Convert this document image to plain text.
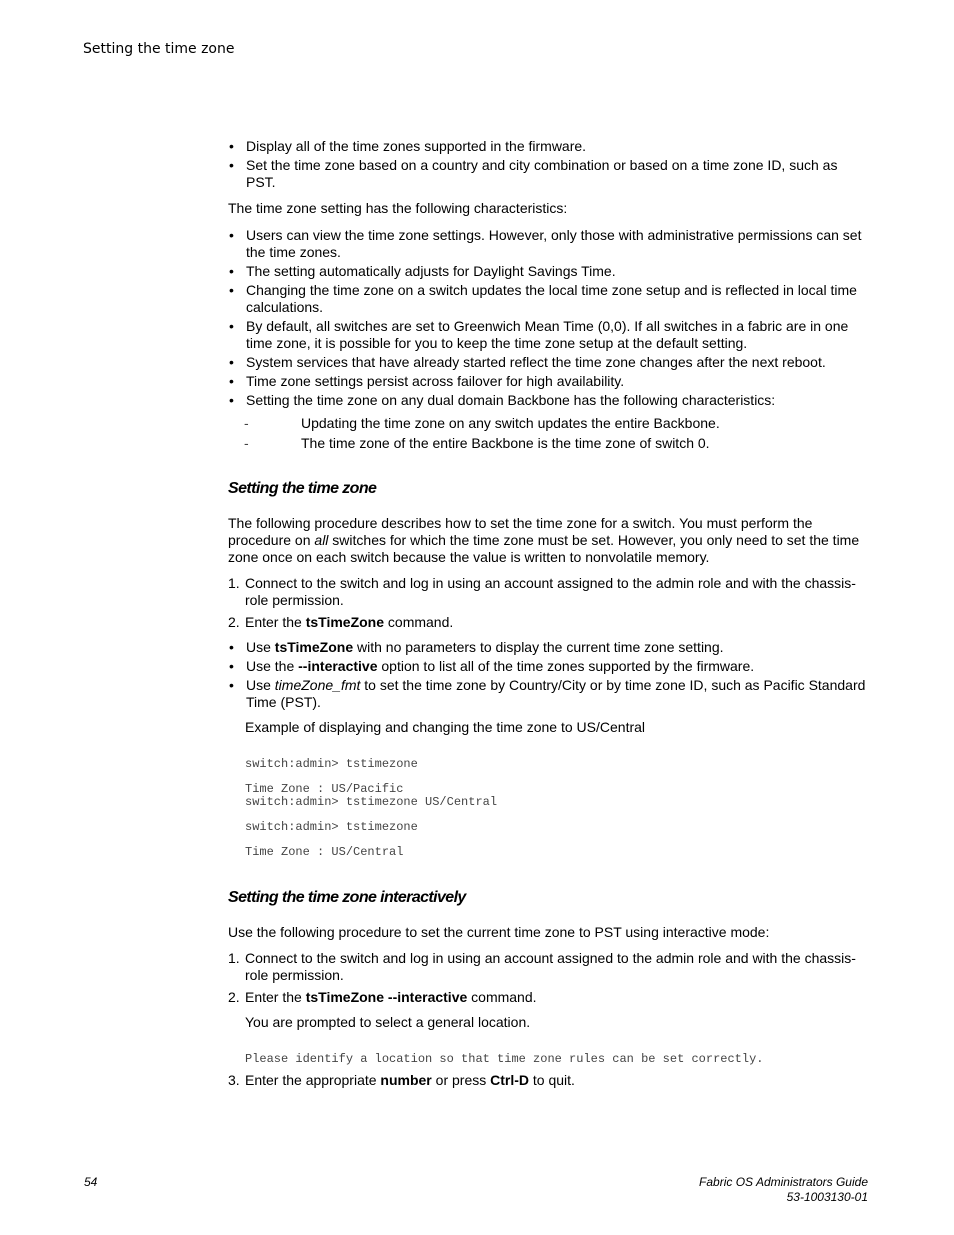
Setting the time zone
• Display all of the time zones supported in the firmware.
• Set the time zone based on a country and city combination or based on a time zone ID, such as PST.

The time zone setting has the following characteristics:

• Users can view the time zone settings. However, only those with administrative permissions can set the time zones.
• The setting automatically adjusts for Daylight Savings Time.
• Changing the time zone on a switch updates the local time zone setup and is reflected in local time calculations.
• By default, all switches are set to Greenwich Mean Time (0,0). If all switches in a fabric are in one time zone, it is possible for you to keep the time zone setup at the default setting.
• System services that have already started reflect the time zone changes after the next reboot.
• Time zone settings persist across failover for high availability.
• Setting the time zone on any dual domain Backbone has the following characteristics:
- Updating the time zone on any switch updates the entire Backbone.
- The time zone of the entire Backbone is the time zone of switch 0.
Setting the time zone

The following procedure describes how to set the time zone for a switch. You must perform the procedure on all switches for which the time zone must be set. However, you only need to set the time zone once on each switch because the value is written to nonvolatile memory.

1. Connect to the switch and log in using an account assigned to the admin role and with the chassis-role permission.
2. Enter the tsTimeZone command.
• Use tsTimeZone with no parameters to display the current time zone setting.
• Use the --interactive option to list all of the time zones supported by the firmware.
• Use timeZone_fmt to set the time zone by Country/City or by time zone ID, such as Pacific Standard Time (PST).

Example of displaying and changing the time zone to US/Central

switch:admin> tstimezone
Time Zone : US/Pacific
switch:admin> tstimezone US/Central
switch:admin> tstimezone
Time Zone : US/Central
Setting the time zone interactively

Use the following procedure to set the current time zone to PST using interactive mode:

1. Connect to the switch and log in using an account assigned to the admin role and with the chassis-role permission.
2. Enter the tsTimeZone --interactive command.

You are prompted to select a general location.

Please identify a location so that time zone rules can be set correctly.
3. Enter the appropriate number or press Ctrl-D to quit.
54	Fabric OS Administrators Guide
53-1003130-01
